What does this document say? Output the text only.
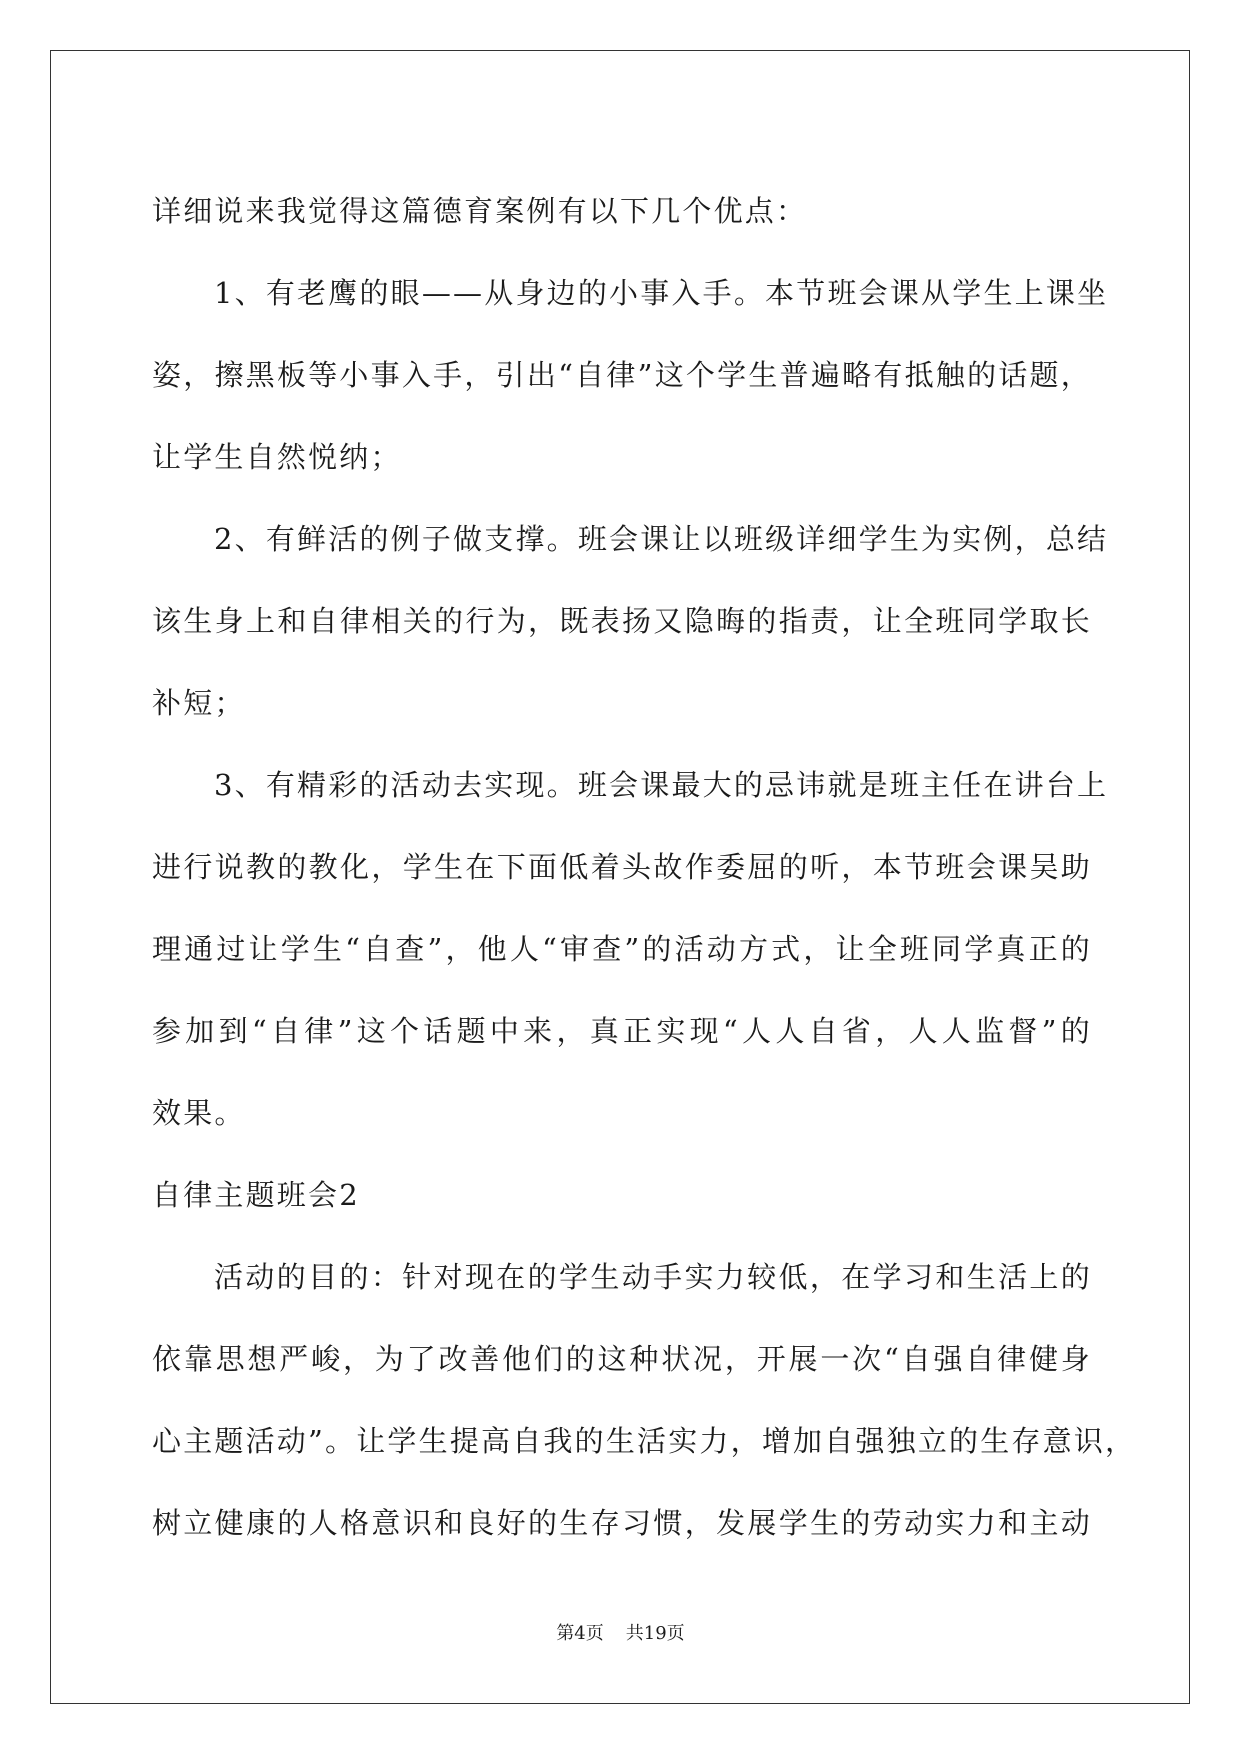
详细说来我觉得这篇德育案例有以下几个优点：
1、有老鹰的眼——从身边的小事入手。本节班会课从学生上课坐
姿，擦黑板等小事入手，引出“自律”这个学生普遍略有抵触的话题，
让学生自然悦纳；
2、有鲜活的例子做支撑。班会课让以班级详细学生为实例，总结
该生身上和自律相关的行为，既表扬又隐晦的指责，让全班同学取长
补短；
3、有精彩的活动去实现。班会课最大的忌讳就是班主任在讲台上
进行说教的教化，学生在下面低着头故作委屈的听，本节班会课吴助
理通过让学生“自查”，他人“审查”的活动方式，让全班同学真正的
参加到“自律”这个话题中来，真正实现“人人自省，人人监督”的
效果。
自律主题班会2
活动的目的：针对现在的学生动手实力较低，在学习和生活上的
依靠思想严峻，为了改善他们的这种状况，开展一次“自强自律健身
心主题活动”。让学生提高自我的生活实力，增加自强独立的生存意识，
树立健康的人格意识和良好的生存习惯，发展学生的劳动实力和主动
第4页 共19页
